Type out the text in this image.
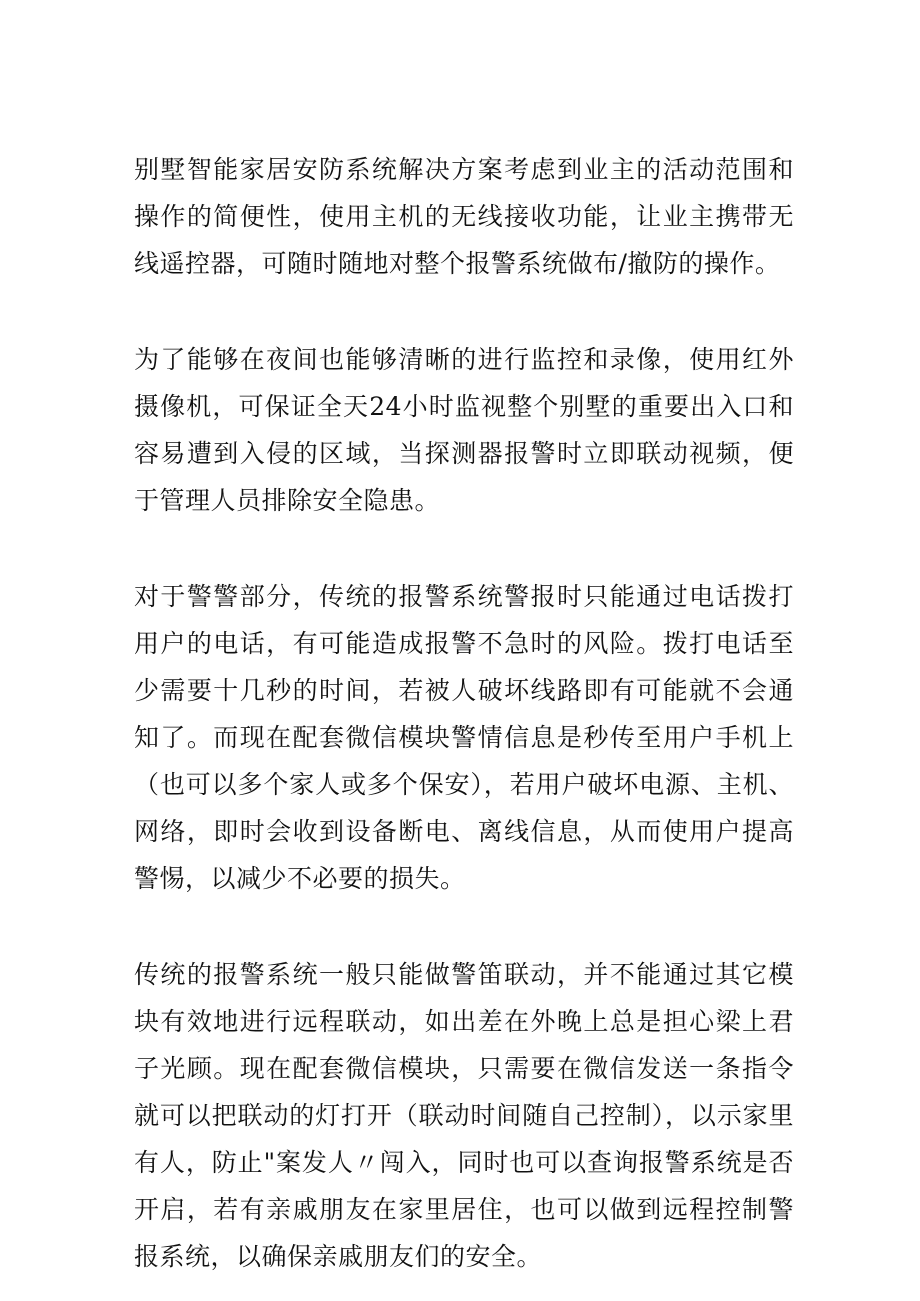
别墅智能家居安防系统解决方案考虑到业主的活动范围和操作的简便性，使用主机的无线接收功能，让业主携带无线遥控器，可随时随地对整个报警系统做布/撤防的操作。

为了能够在夜间也能够清晰的进行监控和录像，使用红外摄像机，可保证全天24小时监视整个别墅的重要出入口和容易遭到入侵的区域，当探测器报警时立即联动视频，便于管理人员排除安全隐患。

对于警警部分，传统的报警系统警报时只能通过电话拨打用户的电话，有可能造成报警不急时的风险。拨打电话至少需要十几秒的时间，若被人破坏线路即有可能就不会通知了。而现在配套微信模块警情信息是秒传至用户手机上（也可以多个家人或多个保安），若用户破坏电源、主机、网络，即时会收到设备断电、离线信息，从而使用户提高警惕，以减少不必要的损失。

传统的报警系统一般只能做警笛联动，并不能通过其它模块有效地进行远程联动，如出差在外晚上总是担心梁上君子光顾。现在配套微信模块，只需要在微信发送一条指令就可以把联动的灯打开（联动时间随自己控制），以示家里有人，防止"案发人〃闯入，同时也可以查询报警系统是否开启，若有亲戚朋友在家里居住，也可以做到远程控制警报系统，以确保亲戚朋友们的安全。
